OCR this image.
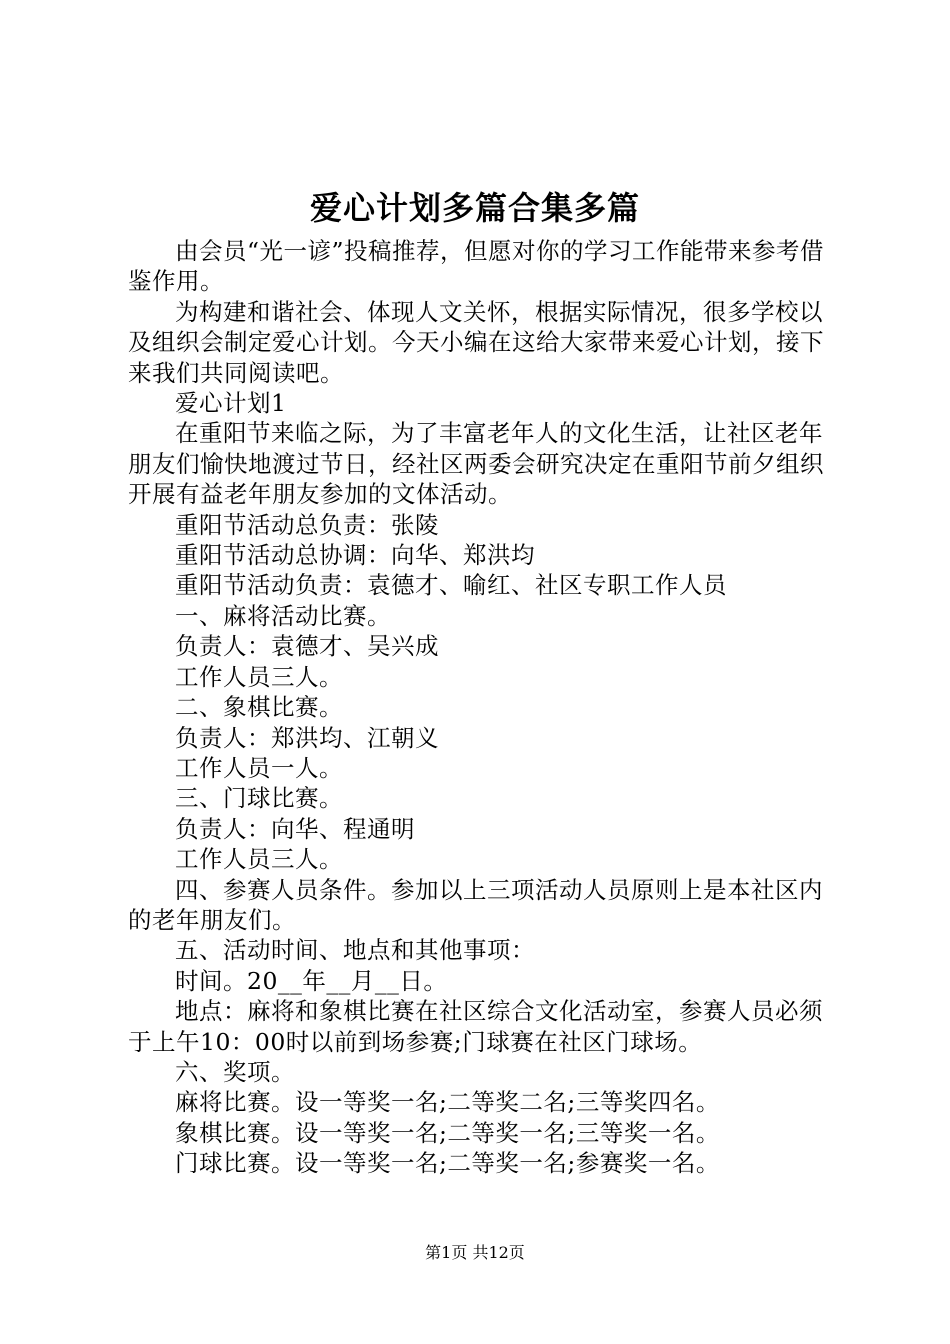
爱心计划多篇合集多篇

由会员“光一谚”投稿推荐，但愿对你的学习工作能带来参考借鉴作用。

为构建和谐社会、体现人文关怀，根据实际情况，很多学校以及组织会制定爱心计划。今天小编在这给大家带来爱心计划，接下来我们共同阅读吧。

爱心计划1

在重阳节来临之际，为了丰富老年人的文化生活，让社区老年朋友们愉快地渡过节日，经社区两委会研究决定在重阳节前夕组织开展有益老年朋友参加的文体活动。

重阳节活动总负责：张陵

重阳节活动总协调：向华、郑洪均

重阳节活动负责：袁德才、喻红、社区专职工作人员

一、麻将活动比赛。

负责人：袁德才、吴兴成

工作人员三人。

二、象棋比赛。

负责人：郑洪均、江朝义

工作人员一人。

三、门球比赛。

负责人：向华、程通明

工作人员三人。

四、参赛人员条件。参加以上三项活动人员原则上是本社区内的老年朋友们。

五、活动时间、地点和其他事项：

时间。20__年__月__日。

地点：麻将和象棋比赛在社区综合文化活动室，参赛人员必须于上午10：00时以前到场参赛;门球赛在社区门球场。

六、奖项。

麻将比赛。设一等奖一名;二等奖二名;三等奖四名。

象棋比赛。设一等奖一名;二等奖一名;三等奖一名。

门球比赛。设一等奖一名;二等奖一名;参赛奖一名。

第1页 共12页
